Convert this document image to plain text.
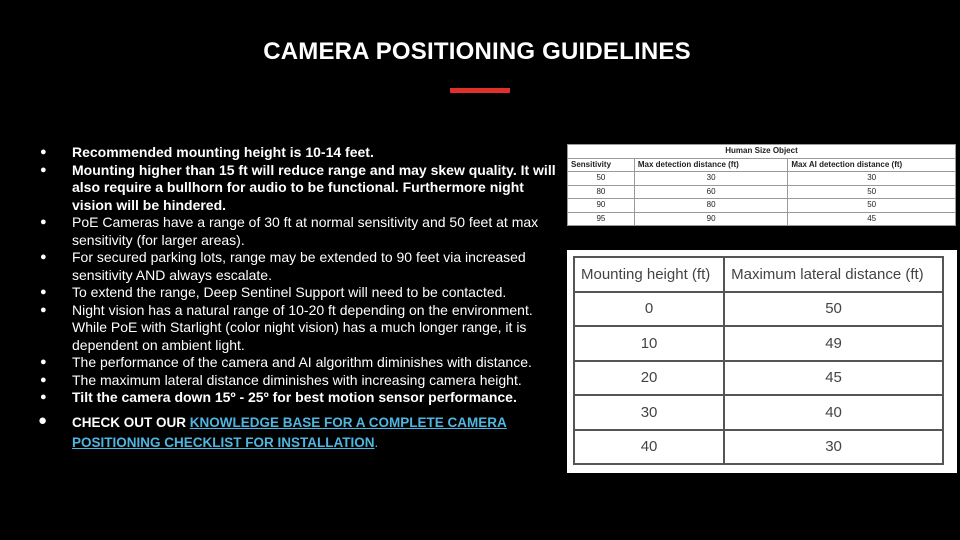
CAMERA POSITIONING GUIDELINES
● Recommended mounting height is 10-14 feet.
● Mounting higher than 15 ft will reduce range and may skew quality. It will also require a bullhorn for audio to be functional. Furthermore night vision will be hindered.
● PoE Cameras have a range of 30 ft at normal sensitivity and 50 feet at max sensitivity (for larger areas).
● For secured parking lots, range may be extended to 90 feet via increased sensitivity AND always escalate.
● To extend the range, Deep Sentinel Support will need to be contacted.
● Night vision has a natural range of 10-20 ft depending on the environment. While PoE with Starlight (color night vision) has a much longer range, it is dependent on ambient light.
● The performance of the camera and AI algorithm diminishes with distance.
● The maximum lateral distance diminishes with increasing camera height.
● Tilt the camera down 15º - 25º for best motion sensor performance.
● CHECK OUT OUR KNOWLEDGE BASE FOR A COMPLETE CAMERA POSITIONING CHECKLIST FOR INSTALLATION.
Human Size Object		
Sensitivity	Max detection distance (ft)	Max AI detection distance (ft)
50	30	30
80	60	50
90	80	50
95	90	45
Mounting height (ft)	Maximum lateral distance (ft)
0	50
10	49
20	45
30	40
40	30
